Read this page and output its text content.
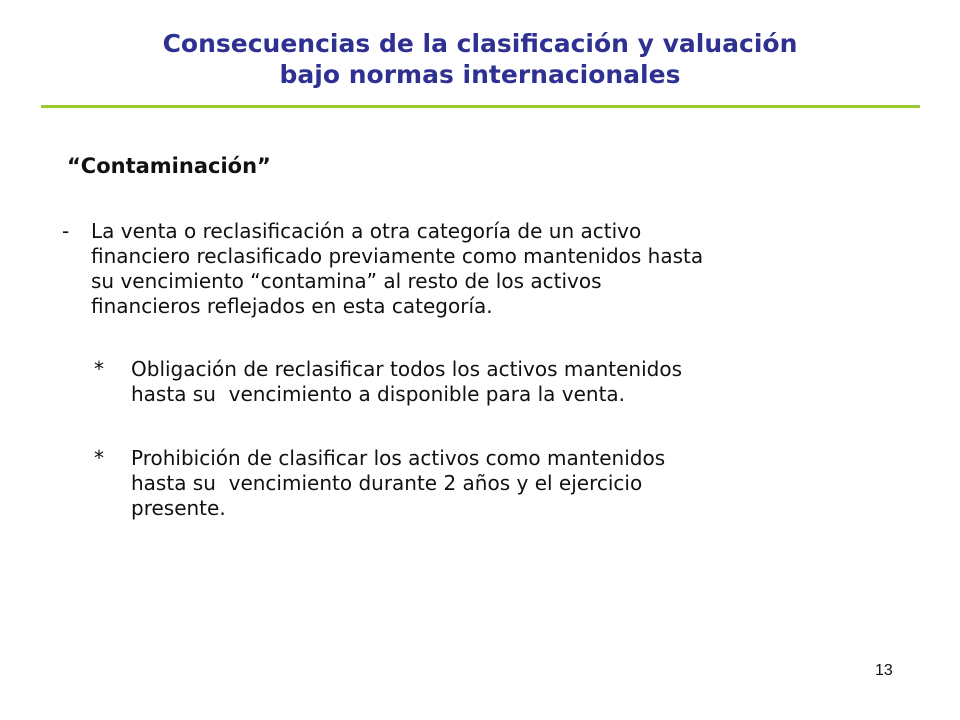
Consecuencias de la clasificación y valuación
bajo normas internacionales
“Contaminación”
- La venta o reclasificación a otra categoría de un activo
financiero reclasificado previamente como mantenidos hasta
su vencimiento “contamina” al resto de los activos
financieros reflejados en esta categoría.
* Obligación de reclasificar todos los activos mantenidos
hasta su  vencimiento a disponible para la venta.
* Prohibición de clasificar los activos como mantenidos
hasta su  vencimiento durante 2 años y el ejercicio
presente.
13
